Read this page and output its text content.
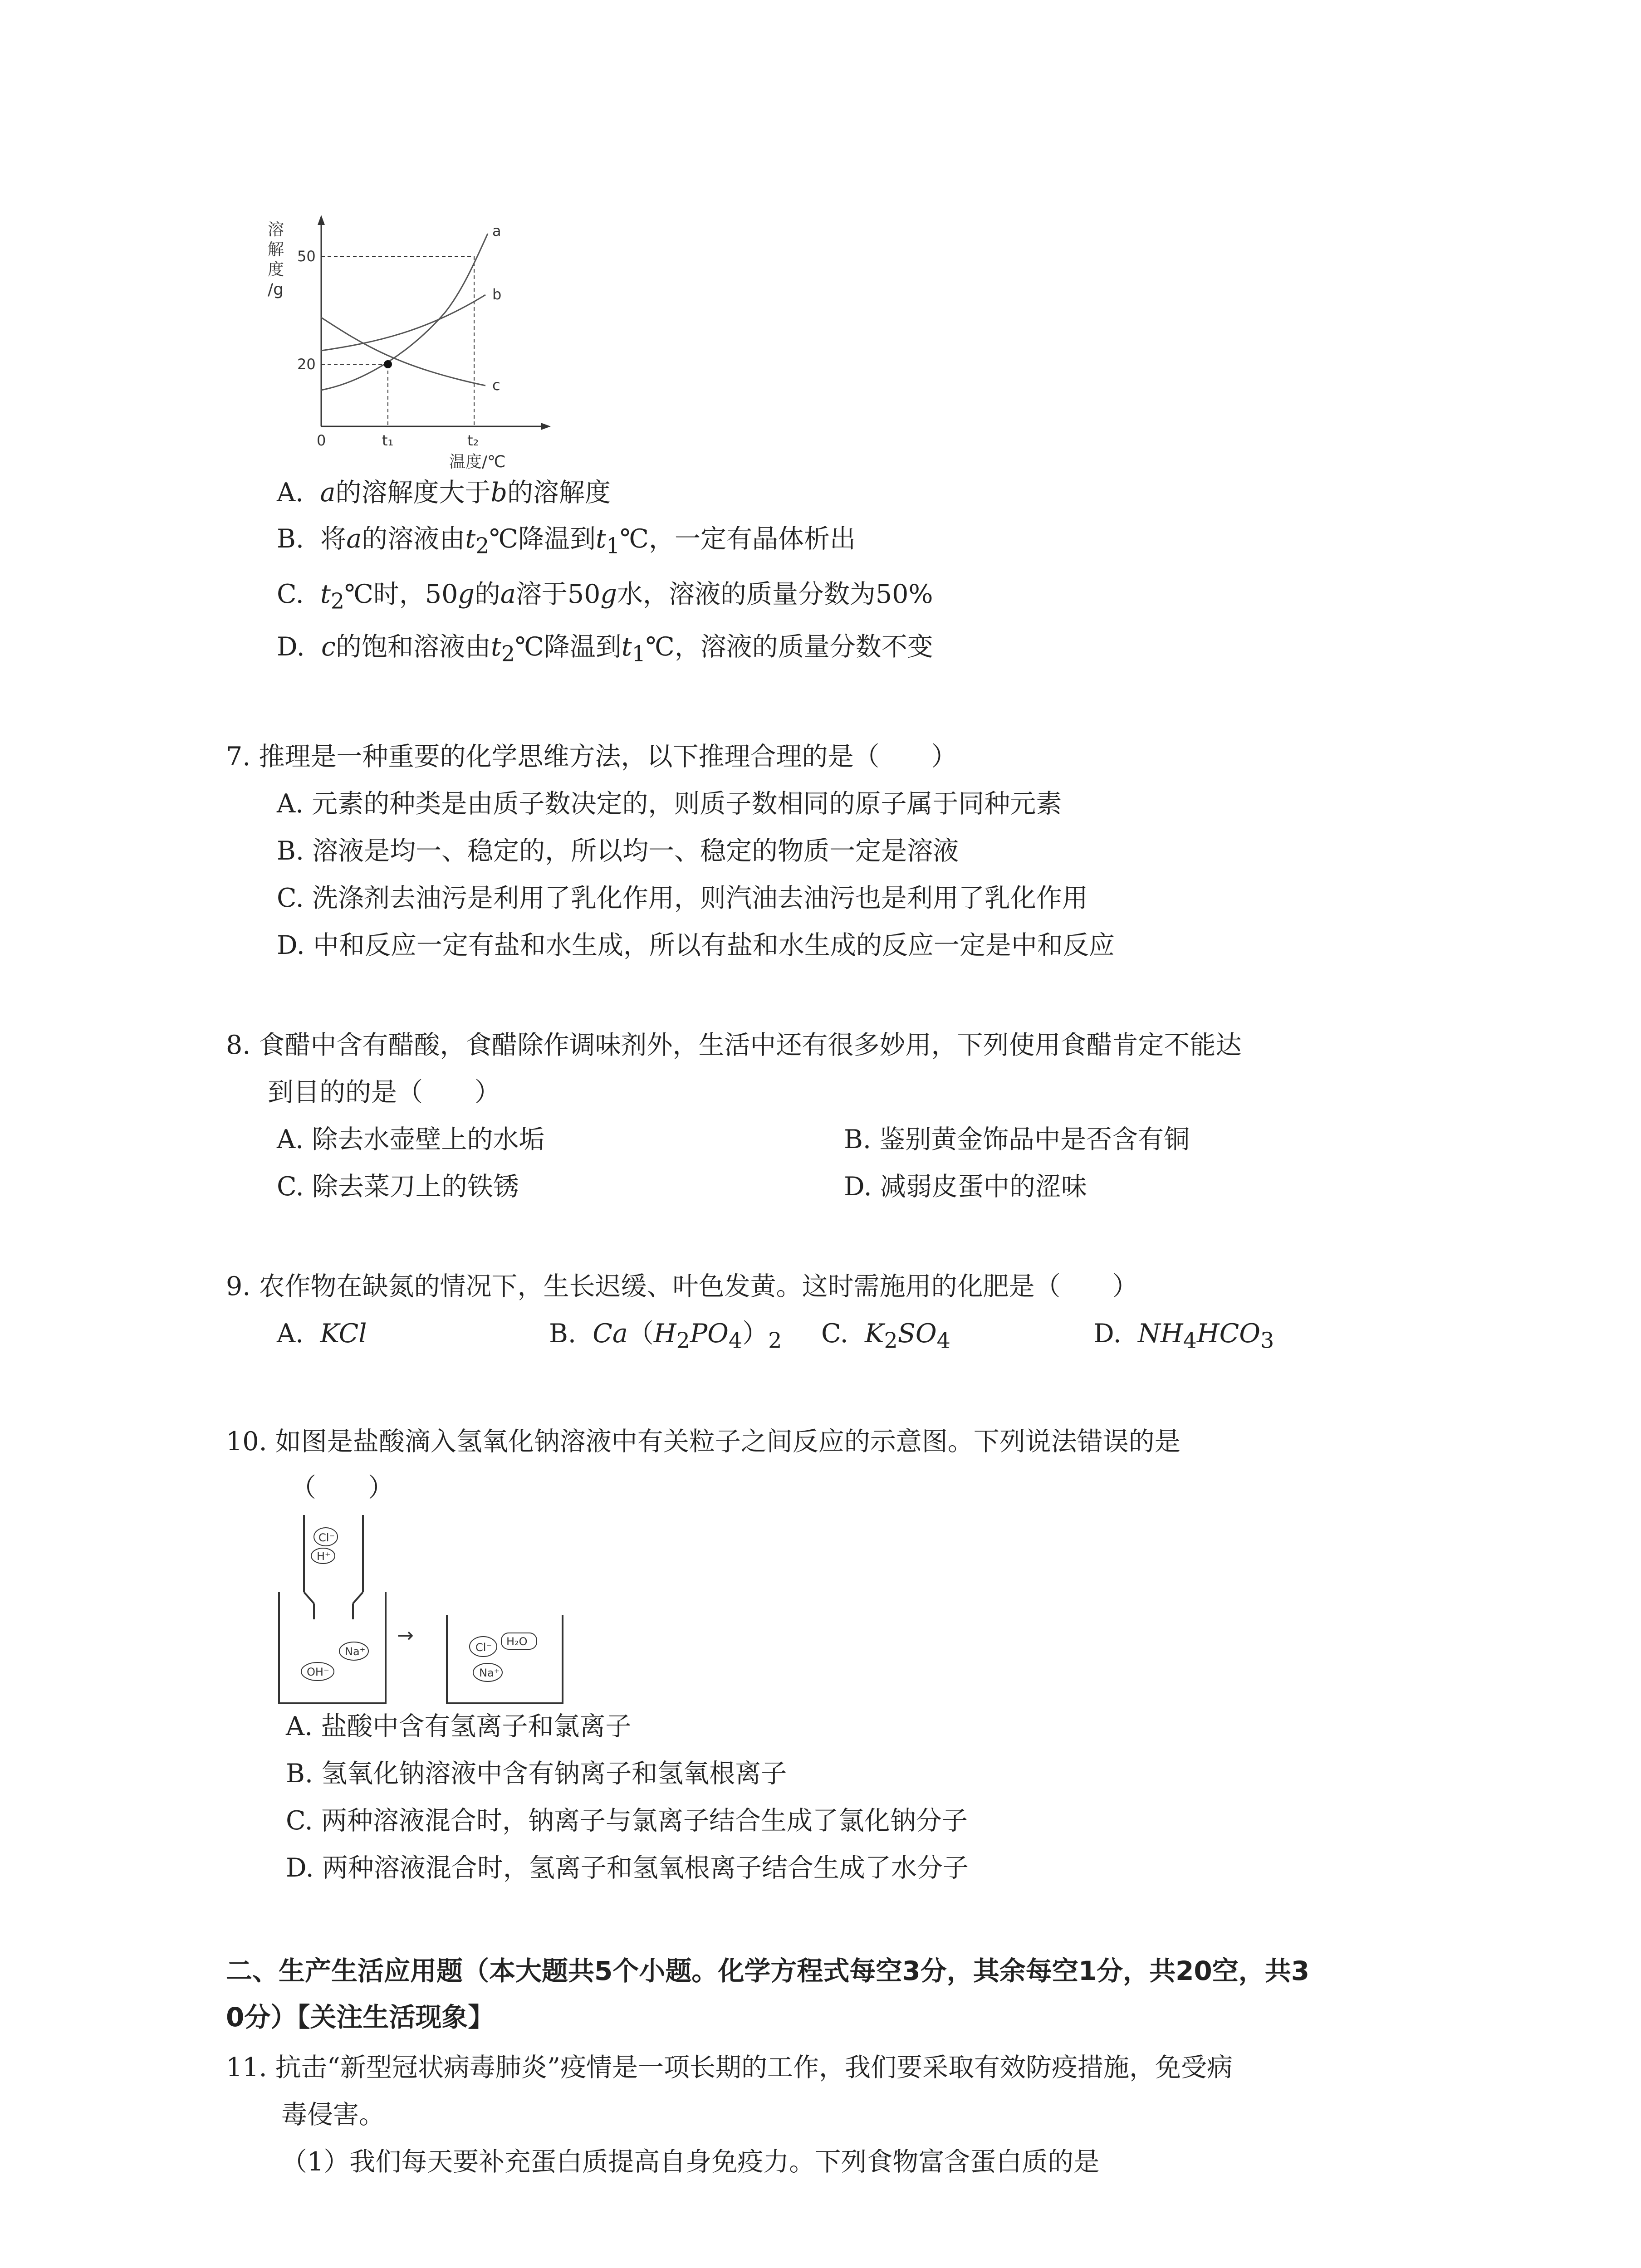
溶
解
度
/g
a
b
c
50
20
0	t₁	t₂
温度/℃
A. a的溶解度大于b的溶解度
B. 将a的溶液由$t_2℃$降温到$t_1℃$，一定有晶体析出
C. $t_2℃$时，50g的a溶于50g水，溶液的质量分数为50%
D. c的饱和溶液由$t_2℃$降温到$t_1℃$，溶液的质量分数不变
7. 推理是一种重要的化学思维方法，以下推理合理的是（　　）
A. 元素的种类是由质子数决定的，则质子数相同的原子属于同种元素
B. 溶液是均一、稳定的，所以均一、稳定的物质一定是溶液
C. 洗涤剂去油污是利用了乳化作用，则汽油去油污也是利用了乳化作用
D. 中和反应一定有盐和水生成，所以有盐和水生成的反应一定是中和反应
8. 食醋中含有醋酸，食醋除作调味剂外，生活中还有很多妙用，下列使用食醋肯定不能达
到目的的是（　　）
A. 除去水壶壁上的水垢	B. 鉴别黄金饰品中是否含有铜
C. 除去菜刀上的铁锈	D. 减弱皮蛋中的涩味
9. 农作物在缺氮的情况下，生长迟缓、叶色发黄。这时需施用的化肥是（　　）
A. KCl	B. $Ca(H_2PO_4)_2$ C. $K_2SO_4$	D. $NH_4HCO_3$
10. 如图是盐酸滴入氢氧化钠溶液中有关粒子之间反应的示意图。下列说法错误的是
（　　）
Cl⁻
H⁺
Na⁺
OH⁻
→
Cl⁻ H₂O
Na⁺
A. 盐酸中含有氢离子和氯离子
B. 氢氧化钠溶液中含有钠离子和氢氧根离子
C. 两种溶液混合时，钠离子与氯离子结合生成了氯化钠分子
D. 两种溶液混合时，氢离子和氢氧根离子结合生成了水分子
二、生产生活应用题（本大题共5个小题。化学方程式每空3分，其余每空1分，共20空，共3
0分）【关注生活现象】
11. 抗击“新型冠状病毒肺炎”疫情是一项长期的工作，我们要采取有效防疫措施，免受病
毒侵害。
（1）我们每天要补充蛋白质提高自身免疫力。下列食物富含蛋白质的是
